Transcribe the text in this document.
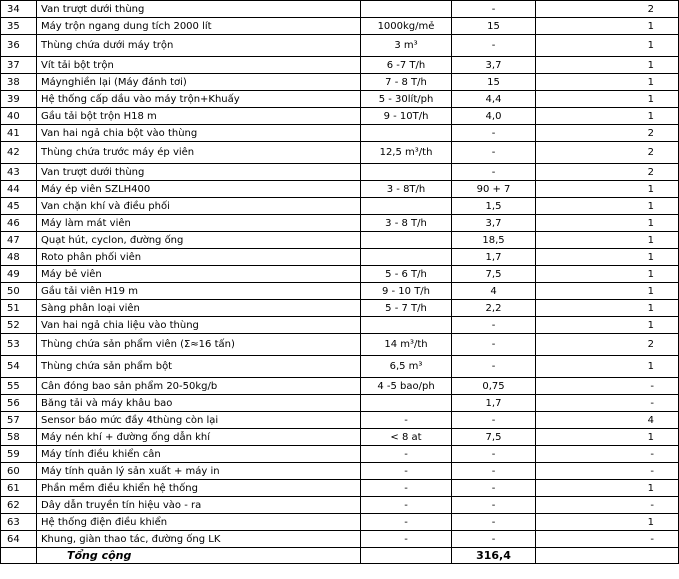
34	Van trượt dưới thùng		-	2
35	Máy trộn ngang dung tích 2000 lít	1000kg/mẻ	15	1
36	Thùng chứa dưới máy trộn	3 m³	-	1
37	Vít tải bột trộn	6 -7 T/h	3,7	1
38	Máynghiền lại (Máy đánh tơi)	7 - 8 T/h	15	1
39	Hệ thống cấp dầu vào máy trộn+Khuấy	5 - 30lít/ph	4,4	1
40	Gầu tải bột trộn H18 m	9 - 10T/h	4,0	1
41	Van hai ngả chia bột vào thùng		-	2
42	Thùng chứa trước máy ép viên	12,5 m³/th	-	2
43	Van trượt dưới thùng		-	2
44	Máy ép viên SZLH400	3 - 8T/h	90 + 7	1
45	Van chặn khí và điều phối		1,5	1
46	Máy làm mát viên	3 - 8 T/h	3,7	1
47	Quạt hút, cyclon, đường ống		18,5	1
48	Roto phân phối viên		1,7	1
49	Máy bẻ viên	5 - 6 T/h	7,5	1
50	Gầu tải viên H19 m	9 - 10 T/h	4	1
51	Sàng phân loại viên	5 - 7 T/h	2,2	1
52	Van hai ngả chia liệu vào thùng		-	1
53	Thùng chứa sản phẩm viên (Σ≈16 tấn)	14 m³/th	-	2
54	Thùng chứa sản phẩm bột	6,5 m³	-	1
55	Cân đóng bao sản phẩm 20-50kg/b	4 -5 bao/ph	0,75	-
56	Băng tải và máy khâu bao		1,7	-
57	Sensor báo mức đầy 4thùng còn lại	-	-	4
58	Máy nén khí + đường ống dẫn khí	< 8 at	7,5	1
59	Máy tính điều khiển cân	-	-	-
60	Máy tính quản lý sản xuất + máy in	-	-	-
61	Phần mềm điều khiển hệ thống	-	-	1
62	Dây dẫn truyền tín hiệu vào - ra	-	-	-
63	Hệ thống điện điều khiển	-	-	1
64	Khung, giàn thao tác, đường ống LK	-	-	-
	Tổng cộng		316,4	
